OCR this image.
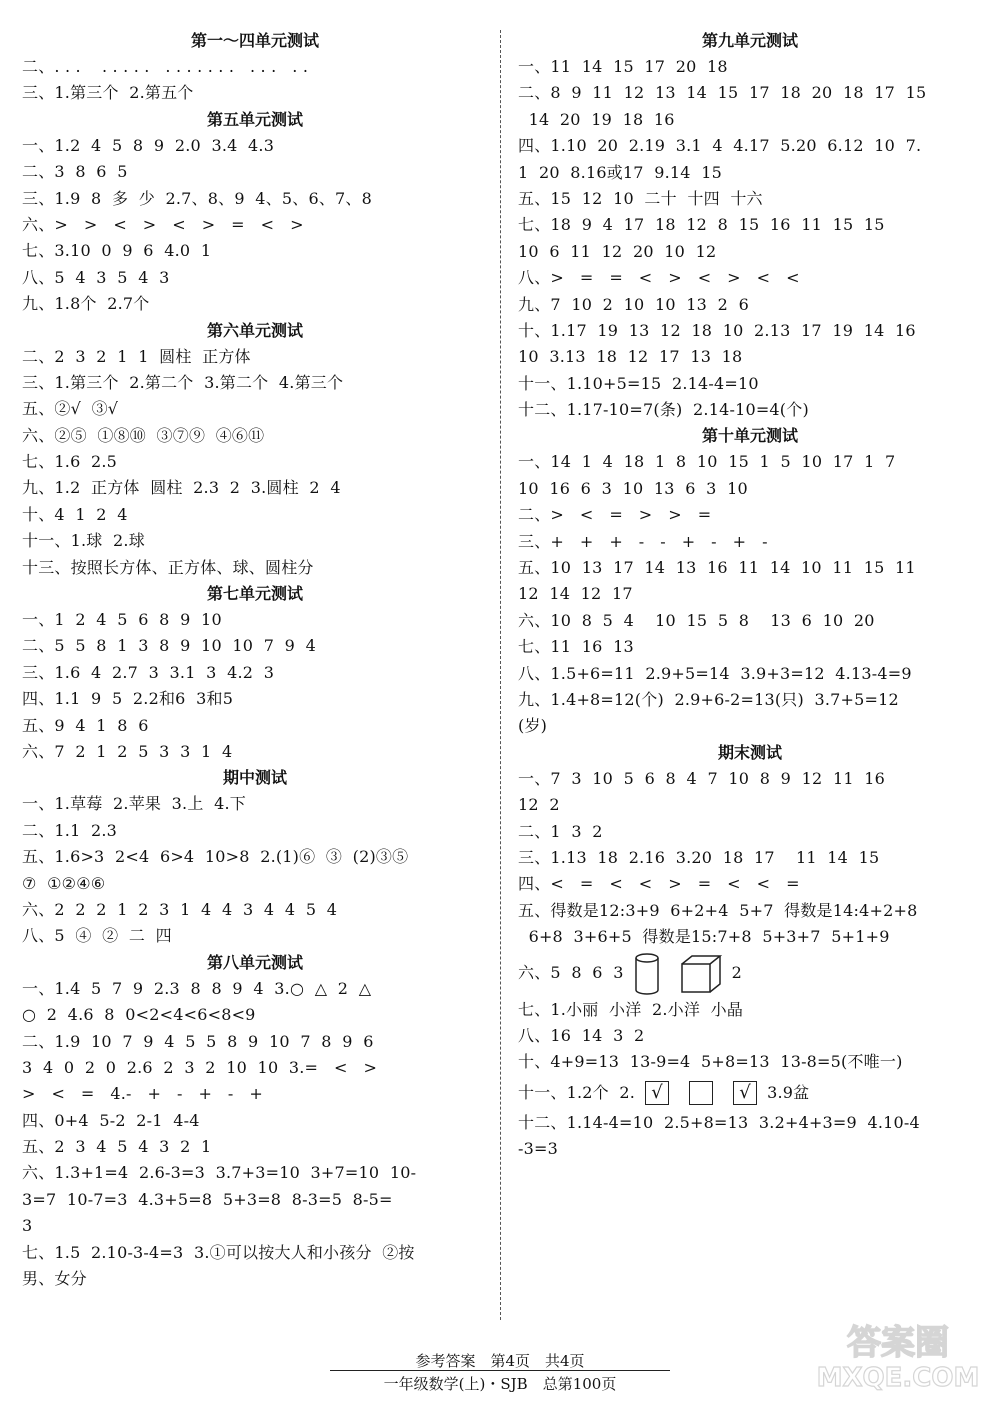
第一～四单元测试
二、. . .    . . . . .   . . . . . . .   . . .   . .
三、1.第三个  2.第五个
第五单元测试
一、1.2  4  5  8  9  2.0  3.4  4.3
二、3  8  6  5
三、1.9  8  多  少  2.7、8、9  4、5、6、7、8
六、>   >   <   >   <   >   =   <   >
七、3.10  0  9  6  4.0  1
八、5  4  3  5  4  3
九、1.8个  2.7个
第六单元测试
二、2  3  2  1  1  圆柱  正方体
三、1.第三个  2.第二个  3.第二个  4.第三个
五、②√  ③√
六、②⑤  ①⑧⑩  ③⑦⑨  ④⑥⑪
七、1.6  2.5
九、1.2  正方体  圆柱  2.3  2  3.圆柱  2  4
十、4  1  2  4
十一、1.球  2.球
十三、按照长方体、正方体、球、圆柱分
第七单元测试
一、1  2  4  5  6  8  9  10
二、5  5  8  1  3  8  9  10  10  7  9  4
三、1.6  4  2.7  3  3.1  3  4.2  3
四、1.1  9  5  2.2和6  3和5
五、9  4  1  8  6
六、7  2  1  2  5  3  3  1  4
期中测试
一、1.草莓  2.苹果  3.上  4.下
二、1.1  2.3
五、1.6>3  2<4  6>4  10>8  2.(1)⑥  ③  (2)③⑤
⑦  ①②④⑥
六、2  2  2  1  2  3  1  4  4  3  4  4  5  4
八、5  ④  ②  二  四
第八单元测试
一、1.4  5  7  9  2.3  8  8  9  4  3.○  △  2  △
○  2  4.6  8  0<2<4<6<8<9
二、1.9  10  7  9  4  5  5  8  9  10  7  8  9  6
3  4  0  2  0  2.6  2  3  2  10  10  3.=   <   >
>   <   =   4.-   +   -   +   -   +
四、0+4  5-2  2-1  4-4
五、2  3  4  5  4  3  2  1
六、1.3+1=4  2.6-3=3  3.7+3=10  3+7=10  10-
3=7  10-7=3  4.3+5=8  5+3=8  8-3=5  8-5=
3
七、1.5  2.10-3-4=3  3.①可以按大人和小孩分  ②按
男、女分
第九单元测试
一、11  14  15  17  20  18
二、8  9  11  12  13  14  15  17  18  20  18  17  15
14  20  19  18  16
四、1.10  20  2.19  3.1  4  4.17  5.20  6.12  10  7.
1  20  8.16或17  9.14  15
五、15  12  10  二十  十四  十六
七、18  9  4  17  18  12  8  15  16  11  15  15
10  6  11  12  20  10  12
八、>   =   =   <   >   <   >   <   <
九、7  10  2  10  10  13  2  6
十、1.17  19  13  12  18  10  2.13  17  19  14  16
10  3.13  18  12  17  13  18
十一、1.10+5=15  2.14-4=10
十二、1.17-10=7(条)  2.14-10=4(个)
第十单元测试
一、14  1  4  18  1  8  10  15  1  5  10  17  1  7
10  16  6  3  10  13  6  3  10
二、>   <   =   >   >   =
三、+   +   +   -   -   +   -   +   -
五、10  13  17  14  13  16  11  14  10  11  15  11
12  14  12  17
六、10  8  5  4    10  15  5  8    13  6  10  20
七、11  16  13
八、1.5+6=11  2.9+5=14  3.9+3=12  4.13-4=9
九、1.4+8=12(个)  2.9+6-2=13(只)  3.7+5=12
(岁)
期末测试
一、7  3  10  5  6  8  4  7  10  8  9  12  11  16
12  2
二、1  3  2
三、1.13  18  2.16  3.20  18  17    11  14  15
四、<   =   <   <   >   =   <   <   =
五、得数是12:3+9  6+2+4  5+7  得数是14:4+2+8
6+8  3+6+5  得数是15:7+8  5+3+7  5+1+9
六、5  8  6  3	2
七、1.小丽  小洋  2.小洋  小晶
八、16  14  3  2
十、4+9=13  13-9=4  5+8=13  13-8=5(不唯一)
十一、1.2个  2. √	√ 3.9盆
十二、1.14-4=10  2.5+8=13  3.2+4+3=9  4.10-4
-3=3
参考答案　第4页　共4页
一年级数学(上)・SJB　总第100页
答案圈
MXQE.COM
